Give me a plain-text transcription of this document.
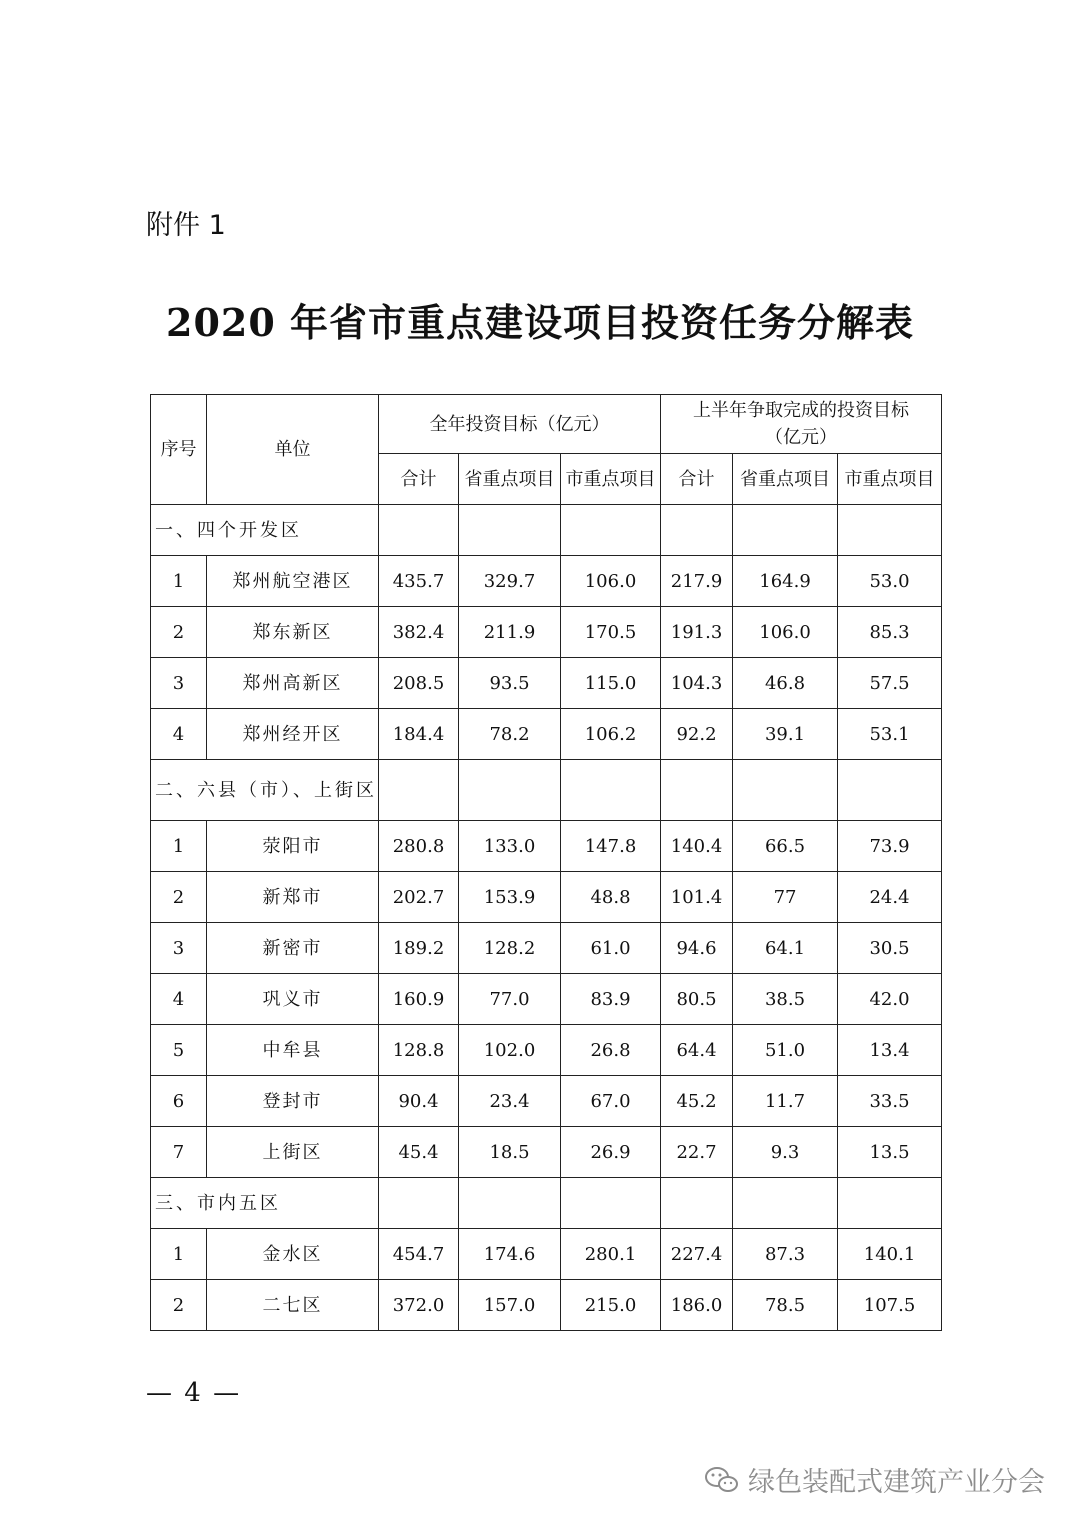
附件 1
2020 年省市重点建设项目投资任务分解表
序号	单位	全年投资目标（亿元）			上半年争取完成的投资目标
（亿元）		

		合计	省重点项目	市重点项目	合计	省重点项目	市重点项目
一、四个开发区							
1	郑州航空港区	435.7	329.7	106.0	217.9	164.9	53.0
2	郑东新区	382.4	211.9	170.5	191.3	106.0	85.3
3	郑州高新区	208.5	93.5	115.0	104.3	46.8	57.5
4	郑州经开区	184.4	78.2	106.2	92.2	39.1	53.1
二、六县（市）、上街区							
1	荥阳市	280.8	133.0	147.8	140.4	66.5	73.9
2	新郑市	202.7	153.9	48.8	101.4	77	24.4
3	新密市	189.2	128.2	61.0	94.6	64.1	30.5
4	巩义市	160.9	77.0	83.9	80.5	38.5	42.0
5	中牟县	128.8	102.0	26.8	64.4	51.0	13.4
6	登封市	90.4	23.4	67.0	45.2	11.7	33.5
7	上街区	45.4	18.5	26.9	22.7	9.3	13.5
三、市内五区							
1	金水区	454.7	174.6	280.1	227.4	87.3	140.1
2	二七区	372.0	157.0	215.0	186.0	78.5	107.5
— 4 —
绿色装配式建筑产业分会
